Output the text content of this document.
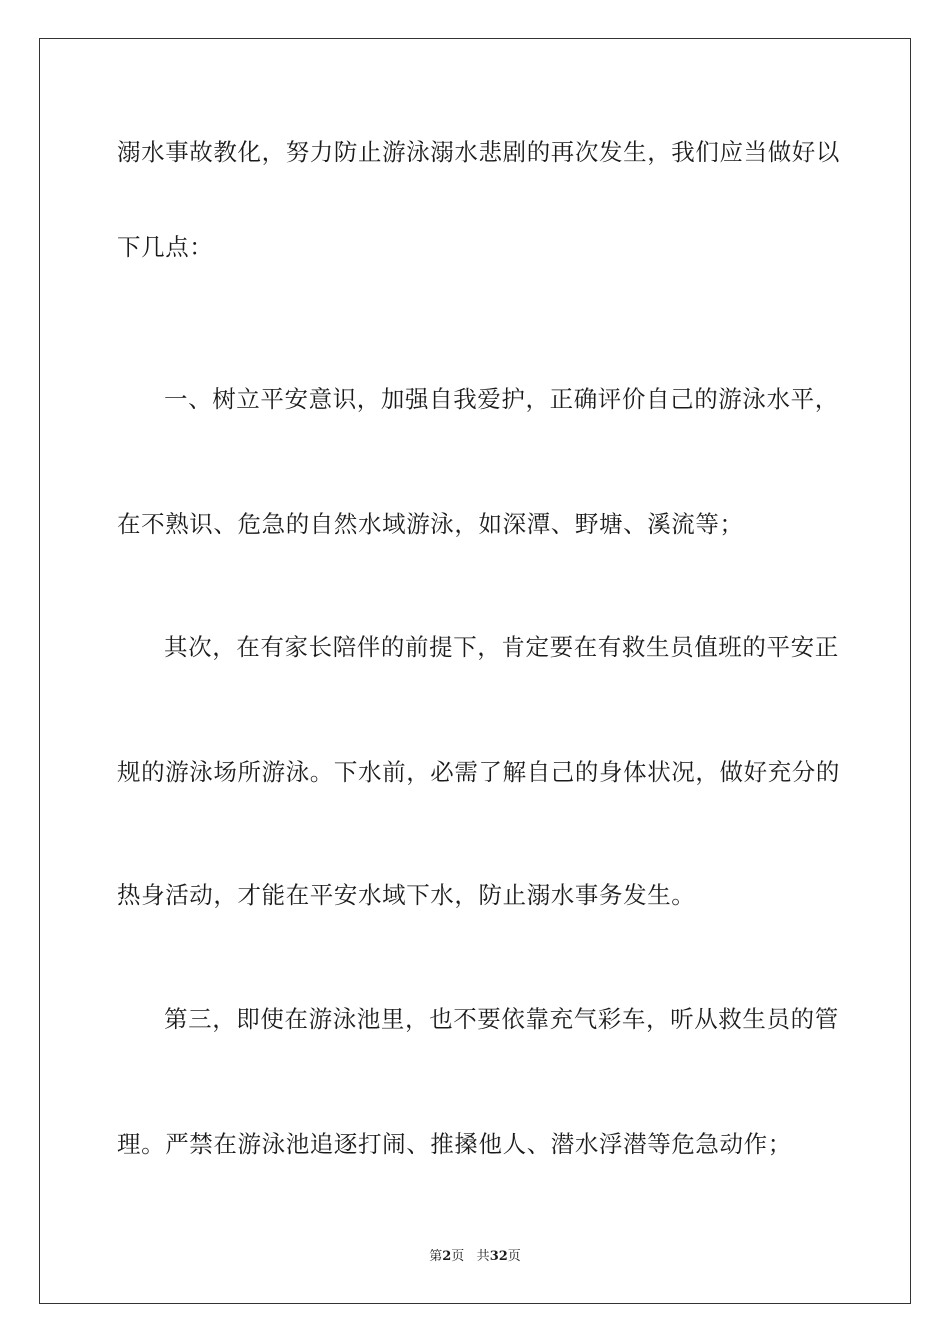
溺水事故教化，努力防止游泳溺水悲剧的再次发生，我们应当做好以
下几点：
一、树立平安意识，加强自我爱护，正确评价自己的游泳水平，
在不熟识、危急的自然水域游泳，如深潭、野塘、溪流等；
其次，在有家长陪伴的前提下，肯定要在有救生员值班的平安正
规的游泳场所游泳。下水前，必需了解自己的身体状况，做好充分的
热身活动，才能在平安水域下水，防止溺水事务发生。
第三，即使在游泳池里，也不要依靠充气彩车，听从救生员的管
理。严禁在游泳池追逐打闹、推搡他人、潜水浮潜等危急动作；
第2页 共32页
